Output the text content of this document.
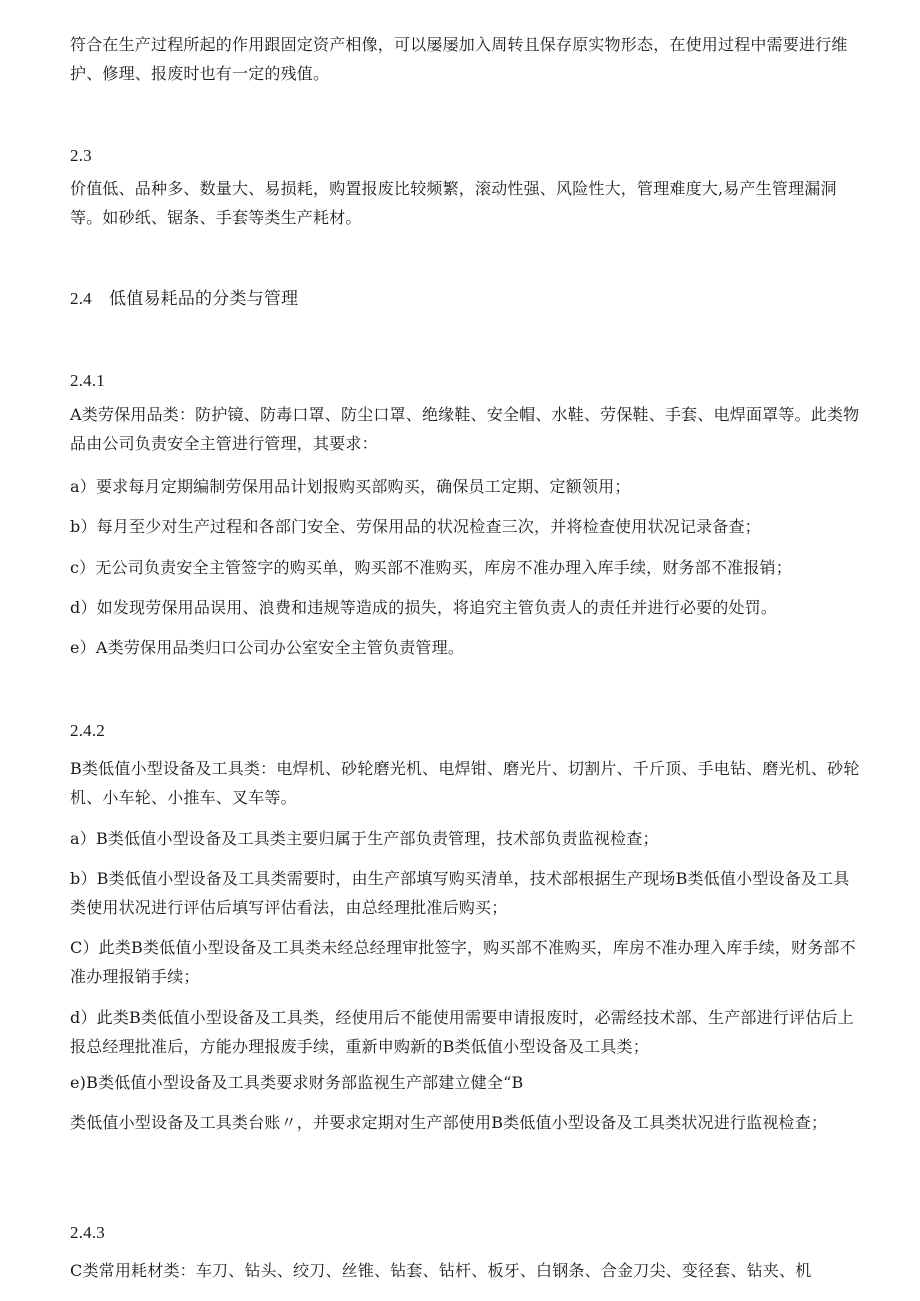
符合在生产过程所起的作用跟固定资产相像，可以屡屡加入周转且保存原实物形态，在使用过程中需要进行维护、修理、报废时也有一定的残值。
2.3
价值低、品种多、数量大、易损耗，购置报废比较频繁，滚动性强、风险性大，管理难度大,易产生管理漏洞等。如砂纸、锯条、手套等类生产耗材。
2.4　低值易耗品的分类与管理
2.4.1
A类劳保用品类：防护镜、防毒口罩、防尘口罩、绝缘鞋、安全帽、水鞋、劳保鞋、手套、电焊面罩等。此类物品由公司负责安全主管进行管理，其要求：
a）要求每月定期编制劳保用品计划报购买部购买，确保员工定期、定额领用；
b）每月至少对生产过程和各部门安全、劳保用品的状况检查三次，并将检查使用状况记录备查；
c）无公司负责安全主管签字的购买单，购买部不准购买，库房不准办理入库手续，财务部不准报销；
d）如发现劳保用品误用、浪费和违规等造成的损失，将追究主管负责人的责任并进行必要的处罚。
e）A类劳保用品类归口公司办公室安全主管负责管理。
2.4.2
B类低值小型设备及工具类：电焊机、砂轮磨光机、电焊钳、磨光片、切割片、千斤顶、手电钻、磨光机、砂轮机、小车轮、小推车、叉车等。
a）B类低值小型设备及工具类主要归属于生产部负责管理，技术部负责监视检查；
b）B类低值小型设备及工具类需要时，由生产部填写购买清单，技术部根据生产现场B类低值小型设备及工具类使用状况进行评估后填写评估看法，由总经理批准后购买；
C）此类B类低值小型设备及工具类未经总经理审批签字，购买部不准购买，库房不准办理入库手续，财务部不准办理报销手续；
d）此类B类低值小型设备及工具类，经使用后不能使用需要申请报废时，必需经技术部、生产部进行评估后上报总经理批准后，方能办理报废手续，重新申购新的B类低值小型设备及工具类；
e)B类低值小型设备及工具类要求财务部监视生产部建立健全“B
类低值小型设备及工具类台账〃，并要求定期对生产部使用B类低值小型设备及工具类状况进行监视检查；
2.4.3
C类常用耗材类：车刀、钻头、绞刀、丝锥、钻套、钻杆、板牙、白钢条、合金刀尖、变径套、钻夹、机
